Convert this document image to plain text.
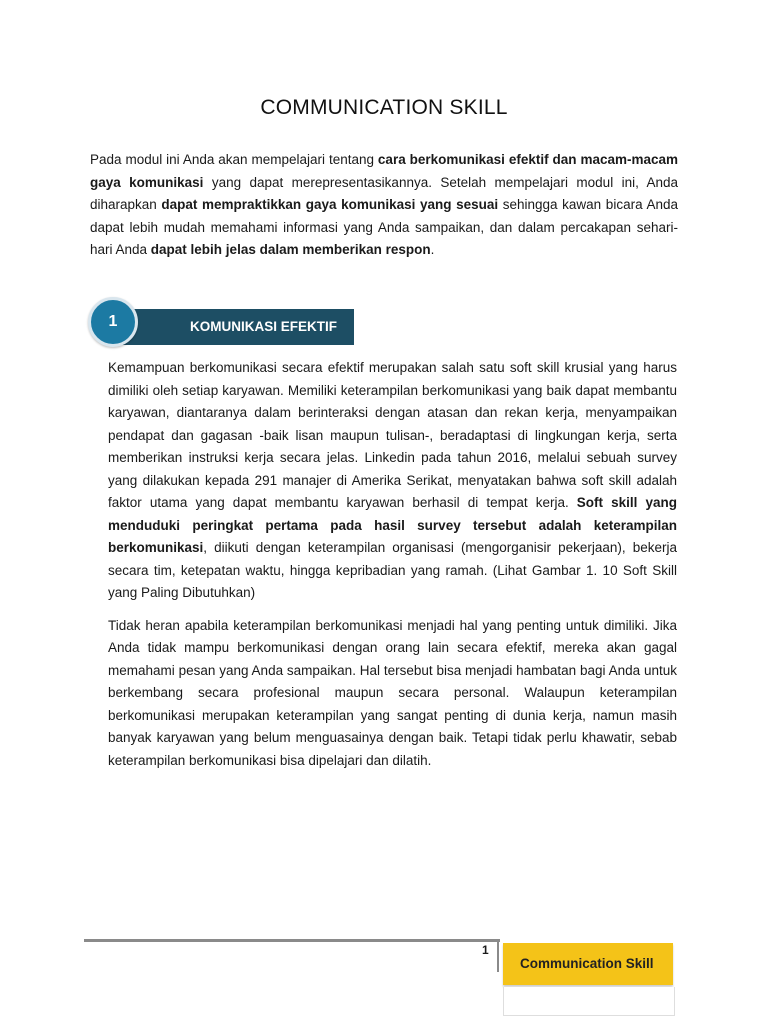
COMMUNICATION SKILL

Pada modul ini Anda akan mempelajari tentang cara berkomunikasi efektif dan macam-macam gaya komunikasi yang dapat merepresentasikannya. Setelah mempelajari modul ini, Anda diharapkan dapat mempraktikkan gaya komunikasi yang sesuai sehingga kawan bicara Anda dapat lebih mudah memahami informasi yang Anda sampaikan, dan dalam percakapan sehari-hari Anda dapat lebih jelas dalam memberikan respon.

KOMUNIKASI EFEKTIF
1

Kemampuan berkomunikasi secara efektif merupakan salah satu soft skill krusial yang harus dimiliki oleh setiap karyawan. Memiliki keterampilan berkomunikasi yang baik dapat membantu karyawan, diantaranya dalam berinteraksi dengan atasan dan rekan kerja, menyampaikan pendapat dan gagasan -baik lisan maupun tulisan-, beradaptasi di lingkungan kerja, serta memberikan instruksi kerja secara jelas. Linkedin pada tahun 2016, melalui sebuah survey yang dilakukan kepada 291 manajer di Amerika Serikat, menyatakan bahwa soft skill adalah faktor utama yang dapat membantu karyawan berhasil di tempat kerja. Soft skill yang menduduki peringkat pertama pada hasil survey tersebut adalah keterampilan berkomunikasi, diikuti dengan keterampilan organisasi (mengorganisir pekerjaan), bekerja secara tim, ketepatan waktu, hingga kepribadian yang ramah. (Lihat Gambar 1. 10 Soft Skill yang Paling Dibutuhkan)

Tidak heran apabila keterampilan berkomunikasi menjadi hal yang penting untuk dimiliki. Jika Anda tidak mampu berkomunikasi dengan orang lain secara efektif, mereka akan gagal memahami pesan yang Anda sampaikan. Hal tersebut bisa menjadi hambatan bagi Anda untuk berkembang secara profesional maupun secara personal. Walaupun keterampilan berkomunikasi merupakan keterampilan yang sangat penting di dunia kerja, namun masih banyak karyawan yang belum menguasainya dengan baik. Tetapi tidak perlu khawatir, sebab keterampilan berkomunikasi bisa dipelajari dan dilatih.

1
Communication Skill
